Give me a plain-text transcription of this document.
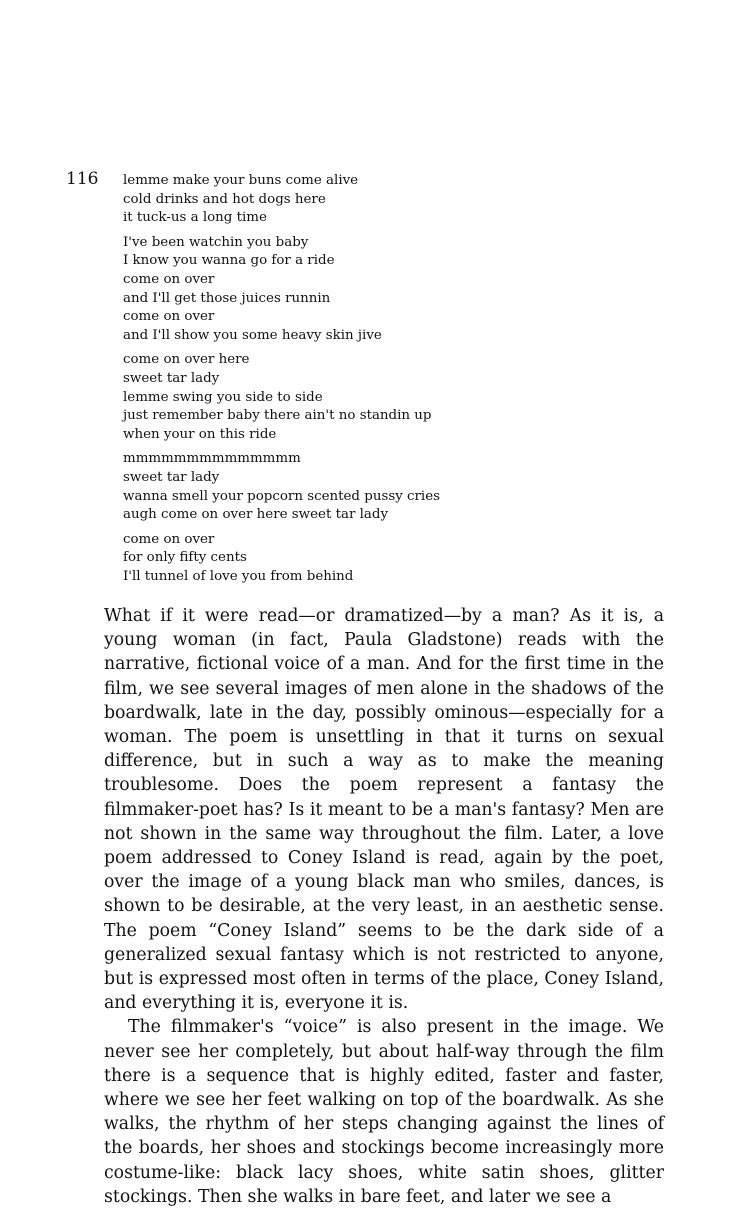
116 lemme make your buns come alive
cold drinks and hot dogs here
it tuck-us a long time
I've been watchin you baby
I know you wanna go for a ride
come on over
and I'll get those juices runnin
come on over
and I'll show you some heavy skin jive
come on over here
sweet tar lady
lemme swing you side to side
just remember baby there ain't no standin up
when your on this ride
mmmmmmmmmmmmmm
sweet tar lady
wanna smell your popcorn scented pussy cries
augh come on over here sweet tar lady
come on over
for only fifty cents
I'll tunnel of love you from behind

What if it were read—or dramatized—by a man? As it is, a young woman (in fact, Paula Gladstone) reads with the narrative, fictional voice of a man. And for the first time in the film, we see several images of men alone in the shadows of the boardwalk, late in the day, possibly ominous—especially for a woman. The poem is unsettling in that it turns on sexual difference, but in such a way as to make the meaning troublesome. Does the poem represent a fantasy the filmmaker-poet has? Is it meant to be a man's fantasy? Men are not shown in the same way throughout the film. Later, a love poem addressed to Coney Island is read, again by the poet, over the image of a young black man who smiles, dances, is shown to be desirable, at the very least, in an aesthetic sense. The poem “Coney Island” seems to be the dark side of a generalized sexual fantasy which is not restricted to anyone, but is expressed most often in terms of the place, Coney Island, and everything it is, everyone it is.

The filmmaker's “voice” is also present in the image. We never see her completely, but about half-way through the film there is a sequence that is highly edited, faster and faster, where we see her feet walking on top of the boardwalk. As she walks, the rhythm of her steps changing against the lines of the boards, her shoes and stockings become increasingly more costume-like: black lacy shoes, white satin shoes, glitter stockings. Then she walks in bare feet, and later we see a
